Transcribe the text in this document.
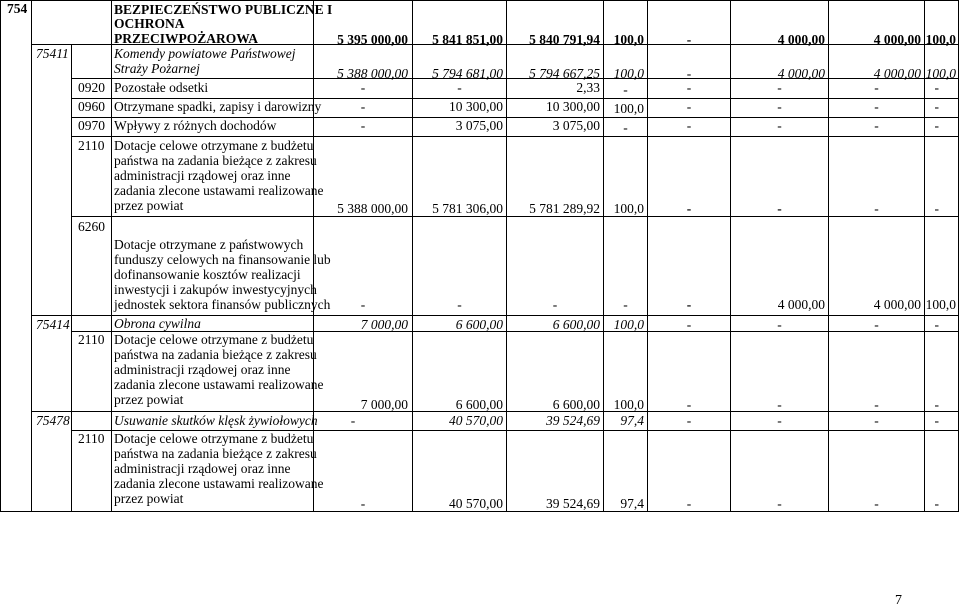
754	BEZPIECZEŃSTWO PUBLICZNE I
OCHRONA
PRZECIWPOŻAROWA	5 395 000,00	5 841 851,00	5 840 791,94	100,0	-	4 000,00	4 000,00 100,0
75411	Komendy powiatowe Państwowej
Straży Pożarnej	5 388 000,00	5 794 681,00	5 794 667,25	100,0	-	4 000,00	4 000,00 100,0
0920 Pozostałe odsetki	-	-	2,33	-	-	-	-	-
0960 Otrzymane spadki, zapisy i darowizny	-	10 300,00	10 300,00	100,0	-	-	-	-
0970 Wpływy z różnych dochodów	-	3 075,00	3 075,00	-	-	-	-	-
2110 Dotacje celowe otrzymane z budżetu
państwa na zadania bieżące z zakresu
administracji rządowej oraz inne
zadania zlecone ustawami realizowane
przez powiat	5 388 000,00	5 781 306,00	5 781 289,92	100,0	-	-	-	-
6260
Dotacje otrzymane z państwowych
funduszy celowych na finansowanie lub
dofinansowanie kosztów realizacji
inwestycji i zakupów inwestycyjnych
jednostek sektora finansów publicznych	-	-	-	-	-	4 000,00	4 000,00 100,0
75414	Obrona cywilna	7 000,00	6 600,00	6 600,00	100,0	-	-	-	-
2110 Dotacje celowe otrzymane z budżetu
państwa na zadania bieżące z zakresu
administracji rządowej oraz inne
zadania zlecone ustawami realizowane
przez powiat	7 000,00	6 600,00	6 600,00	100,0	-	-	-	-
75478	Usuwanie skutków klęsk żywiołowych	-	40 570,00	39 524,69	97,4	-	-	-	-
2110 Dotacje celowe otrzymane z budżetu
państwa na zadania bieżące z zakresu
administracji rządowej oraz inne
zadania zlecone ustawami realizowane
przez powiat	-	40 570,00	39 524,69	97,4	-	-	-	-
7
